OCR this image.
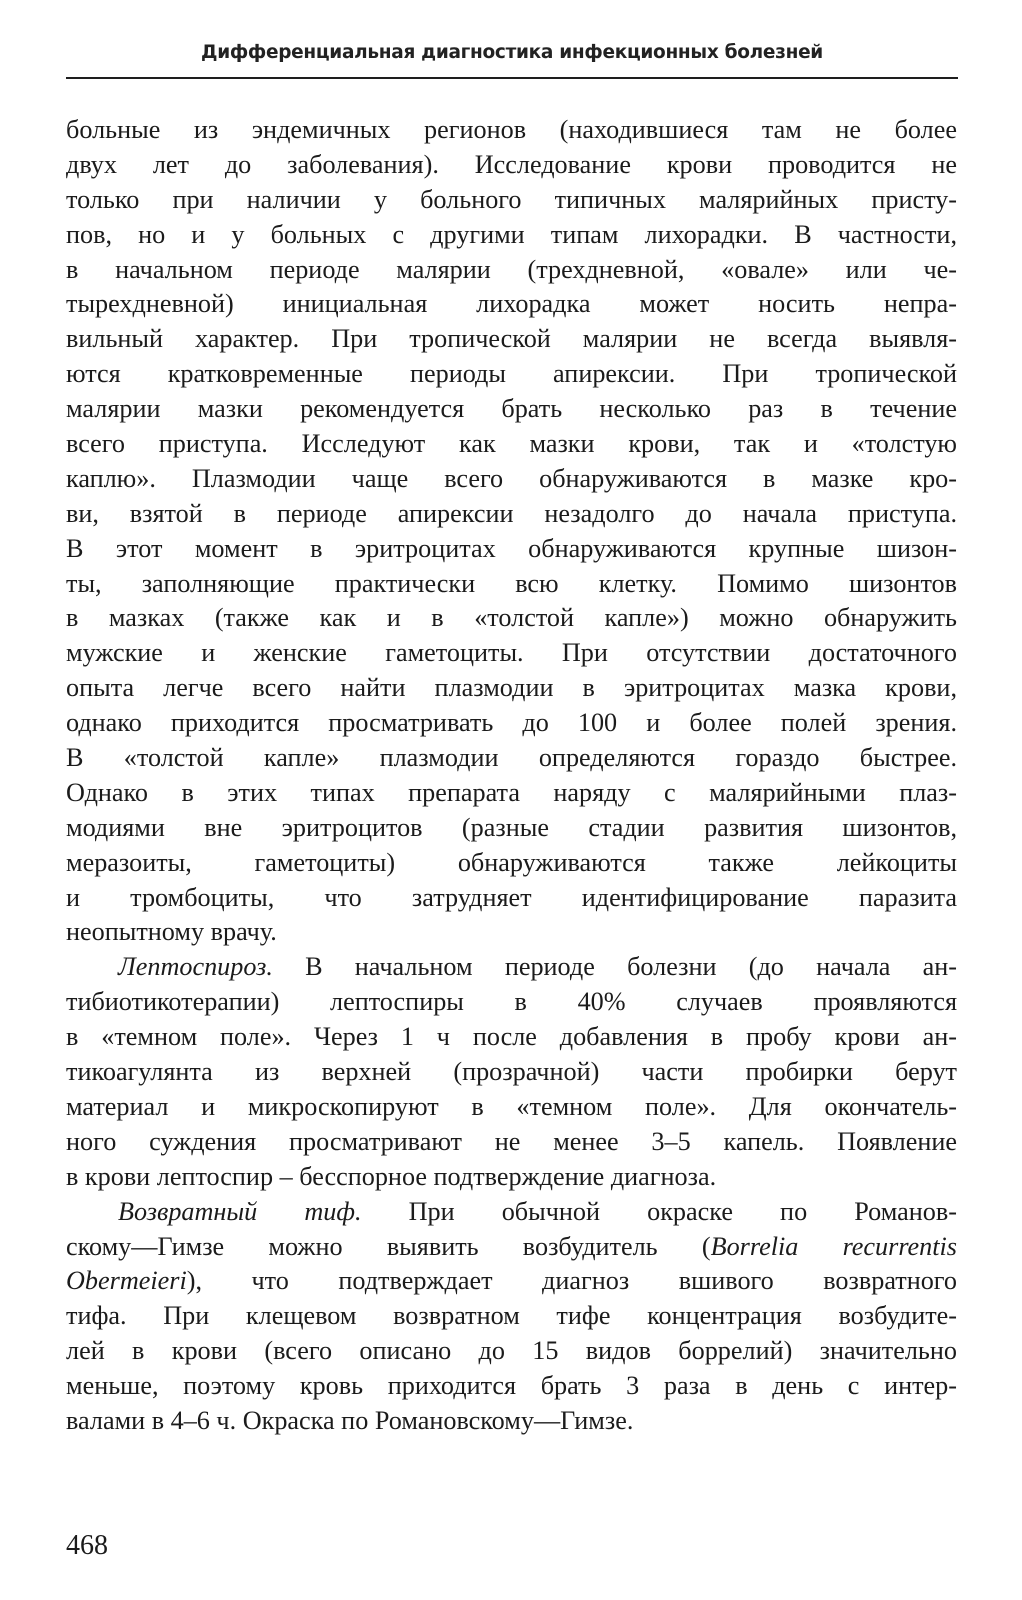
Дифференциальная диагностика инфекционных болезней
больные из эндемичных регионов (находившиеся там не более
двух лет до заболевания). Исследование крови проводится не
только при наличии у больного типичных малярийных присту-
пов, но и у больных с другими типам лихорадки. В частности,
в начальном периоде малярии (трехдневной, «овале» или че-
тырехдневной) инициальная лихорадка может носить непра-
вильный характер. При тропической малярии не всегда выявля-
ются кратковременные периоды апирексии. При тропической
малярии мазки рекомендуется брать несколько раз в течение
всего приступа. Исследуют как мазки крови, так и «толстую
каплю». Плазмодии чаще всего обнаруживаются в мазке кро-
ви, взятой в периоде апирексии незадолго до начала приступа.
В этот момент в эритроцитах обнаруживаются крупные шизон-
ты, заполняющие практически всю клетку. Помимо шизонтов
в мазках (также как и в «толстой капле») можно обнаружить
мужские и женские гаметоциты. При отсутствии достаточного
опыта легче всего найти плазмодии в эритроцитах мазка крови,
однако приходится просматривать до 100 и более полей зрения.
В «толстой капле» плазмодии определяются гораздо быстрее.
Однако в этих типах препарата наряду с малярийными плаз-
модиями вне эритроцитов (разные стадии развития шизонтов,
меразоиты, гаметоциты) обнаруживаются также лейкоциты
и тромбоциты, что затрудняет идентифицирование паразита
неопытному врачу.
Лептоспироз. В начальном периоде болезни (до начала ан-
тибиотикотерапии) лептоспиры в 40% случаев проявляются
в «темном поле». Через 1 ч после добавления в пробу крови ан-
тикоагулянта из верхней (прозрачной) части пробирки берут
материал и микроскопируют в «темном поле». Для окончатель-
ного суждения просматривают не менее 3–5 капель. Появление
в крови лептоспир – бесспорное подтверждение диагноза.
Возвратный тиф. При обычной окраске по Романов-
скому—Гимзе можно выявить возбудитель (Borrelia recurrentis
Obermeieri), что подтверждает диагноз вшивого возвратного
тифа. При клещевом возвратном тифе концентрация возбудите-
лей в крови (всего описано до 15 видов боррелий) значительно
меньше, поэтому кровь приходится брать 3 раза в день с интер-
валами в 4–6 ч. Окраска по Романовскому—Гимзе.
468
